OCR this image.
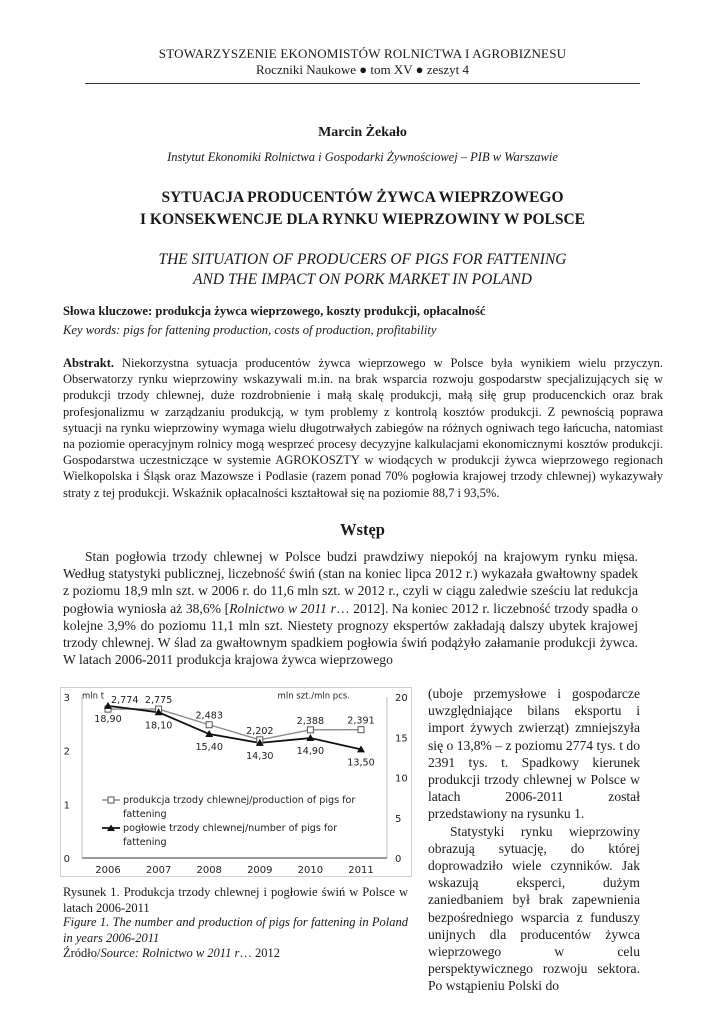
STOWARZYSZENIE EKONOMISTÓW ROLNICTWA I AGROBIZNESU
Roczniki Naukowe ● tom XV ● zeszyt 4
Marcin Żekało
Instytut Ekonomiki Rolnictwa i Gospodarki Żywnościowej – PIB w Warszawie
SYTUACJA PRODUCENTÓW ŻYWCA WIEPRZOWEGO
I KONSEKWENCJE DLA RYNKU WIEPRZOWINY W POLSCE
THE SITUATION OF PRODUCERS OF PIGS FOR FATTENING
AND THE IMPACT ON PORK MARKET IN POLAND
Słowa kluczowe: produkcja żywca wieprzowego, koszty produkcji, opłacalność
Key words: pigs for fattening production, costs of production, profitability
Abstrakt. Niekorzystna sytuacja producentów żywca wieprzowego w Polsce była wynikiem wielu przyczyn. Obserwatorzy rynku wieprzowiny wskazywali m.in. na brak wsparcia rozwoju gospodarstw specjalizujących się w produkcji trzody chlewnej, duże rozdrobnienie i małą skalę produkcji, małą siłę grup producenckich oraz brak profesjonalizmu w zarządzaniu produkcją, w tym problemy z kontrolą kosztów produkcji. Z pewnością poprawa sytuacji na rynku wieprzowiny wymaga wielu długotrwałych zabiegów na różnych ogniwach tego łańcucha, natomiast na poziomie operacyjnym rolnicy mogą wesprzeć procesy decyzyjne kalkulacjami ekonomicznymi kosztów produkcji. Gospodarstwa uczestniczące w systemie AGROKOSZTY w wiodących w produkcji żywca wieprzowego regionach Wielkopolska i Śląsk oraz Mazowsze i Podlasie (razem ponad 70% pogłowia krajowej trzody chlewnej) wykazywały straty z tej produkcji. Wskaźnik opłacalności kształtował się na poziomie 88,7 i 93,5%.
Wstęp
Stan pogłowia trzody chlewnej w Polsce budzi prawdziwy niepokój na krajowym rynku mięsa. Według statystyki publicznej, liczebność świń (stan na koniec lipca 2012 r.) wykazała gwałtowny spadek z poziomu 18,9 mln szt. w 2006 r. do 11,6 mln szt. w 2012 r., czyli w ciągu zaledwie sześciu lat redukcja pogłowia wyniosła aż 38,6% [Rolnictwo w 2011 r… 2012]. Na koniec 2012 r. liczebność trzody spadła o kolejne 3,9% do poziomu 11,1 mln szt. Niestety prognozy ekspertów zakładają dalszy ubytek krajowej trzody chlewnej. W ślad za gwałtownym spadkiem pogłowia świń podążyło załamanie produkcji żywca. W latach 2006-2011 produkcja krajowa żywca wieprzowego
(uboje przemysłowe i gospodarcze uwzględniające bilans eksportu i import żywych zwierząt) zmniejszyła się o 13,8% – z poziomu 2774 tys. t do 2391 tys. t. Spadkowy kierunek produkcji trzody chlewnej w Polsce w latach 2006-2011 został przedstawiony na rysunku 1.
Statystyki rynku wieprzowiny obrazują sytuację, do której doprowadziło wiele czynników. Jak wskazują eksperci, dużym zaniedbaniem był brak zapewnienia bezpośredniego wsparcia z funduszy unijnych dla producentów żywca wieprzowego w celu perspektywicznego rozwoju sektora. Po wstąpieniu Polski do
mln t	mln szt./mln pcs.
0
1
2
3
0
5
10
15
20
2006	2007	2008	2009	2010	2011
2,774 2,775
2,483
2,202
2,388 2,391
18,90
18,10
15,40
14,30 14,90
13,50
produkcja trzody chlewnej/production of pigs for
fattening
pogłowie trzody chlewnej/number of pigs for
fattening
Rysunek 1. Produkcja trzody chlewnej i pogłowie świń w Polsce w latach 2006-2011
Figure 1. The number and production of pigs for fattening in Poland in years 2006-2011
Źródło/Source: Rolnictwo w 2011 r… 2012
